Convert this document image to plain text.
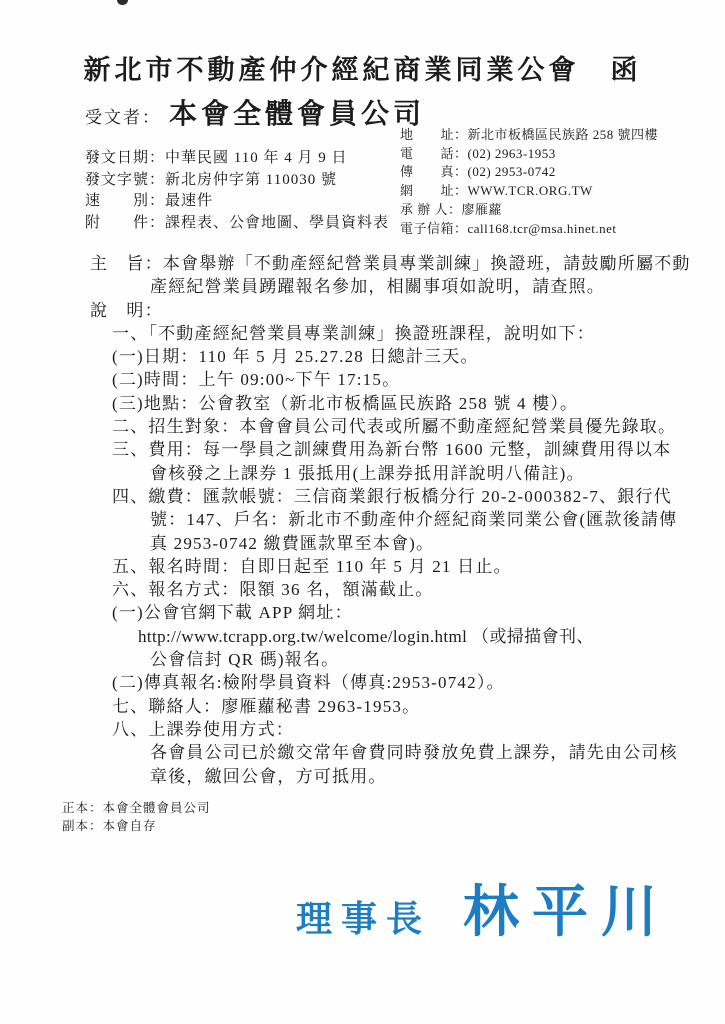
新北市不動產仲介經紀商業同業公會　函
受文者： 本會全體會員公司
發文日期：中華民國 110 年 4 月 9 日
發文字號：新北房仲字第 110030 號
速　　別：最速件
附　　件：課程表、公會地圖、學員資料表
地　　址：新北市板橋區民族路 258 號四樓
電　　話：(02) 2963-1953
傳　　真：(02) 2953-0742
網　　址：WWW.TCR.ORG.TW
承 辦 人：廖雁蘿
電子信箱：call168.tcr@msa.hinet.net
主　旨：本會舉辦「不動產經紀營業員專業訓練」換證班，請鼓勵所屬不動
產經紀營業員踴躍報名參加，相關事項如說明，請查照。
說　明：
一、「不動產經紀營業員專業訓練」換證班課程，說明如下：
(一)日期：110 年 5 月 25.27.28 日總計三天。
(二)時間：上午 09:00~下午 17:15。
(三)地點：公會教室（新北市板橋區民族路 258 號 4 樓）。
二、招生對象：本會會員公司代表或所屬不動產經紀營業員優先錄取。
三、費用：每一學員之訓練費用為新台幣 1600 元整，訓練費用得以本
會核發之上課券 1 張抵用(上課券抵用詳說明八備註)。
四、繳費：匯款帳號：三信商業銀行板橋分行 20-2-000382-7、銀行代
號：147、戶名：新北市不動產仲介經紀商業同業公會(匯款後請傳
真 2953-0742 繳費匯款單至本會)。
五、報名時間：自即日起至 110 年 5 月 21 日止。
六、報名方式：限額 36 名，額滿截止。
(一)公會官網下載 APP 網址：
http://www.tcrapp.org.tw/welcome/login.html （或掃描會刊、
公會信封 QR 碼)報名。
(二)傳真報名:檢附學員資料（傳真:2953-0742）。
七、聯絡人：廖雁蘿秘書 2963-1953。
八、上課券使用方式：
各會員公司已於繳交常年會費同時發放免費上課券，請先由公司核
章後，繳回公會，方可抵用。
正本：本會全體會員公司
副本：本會自存
理事長 林平川
